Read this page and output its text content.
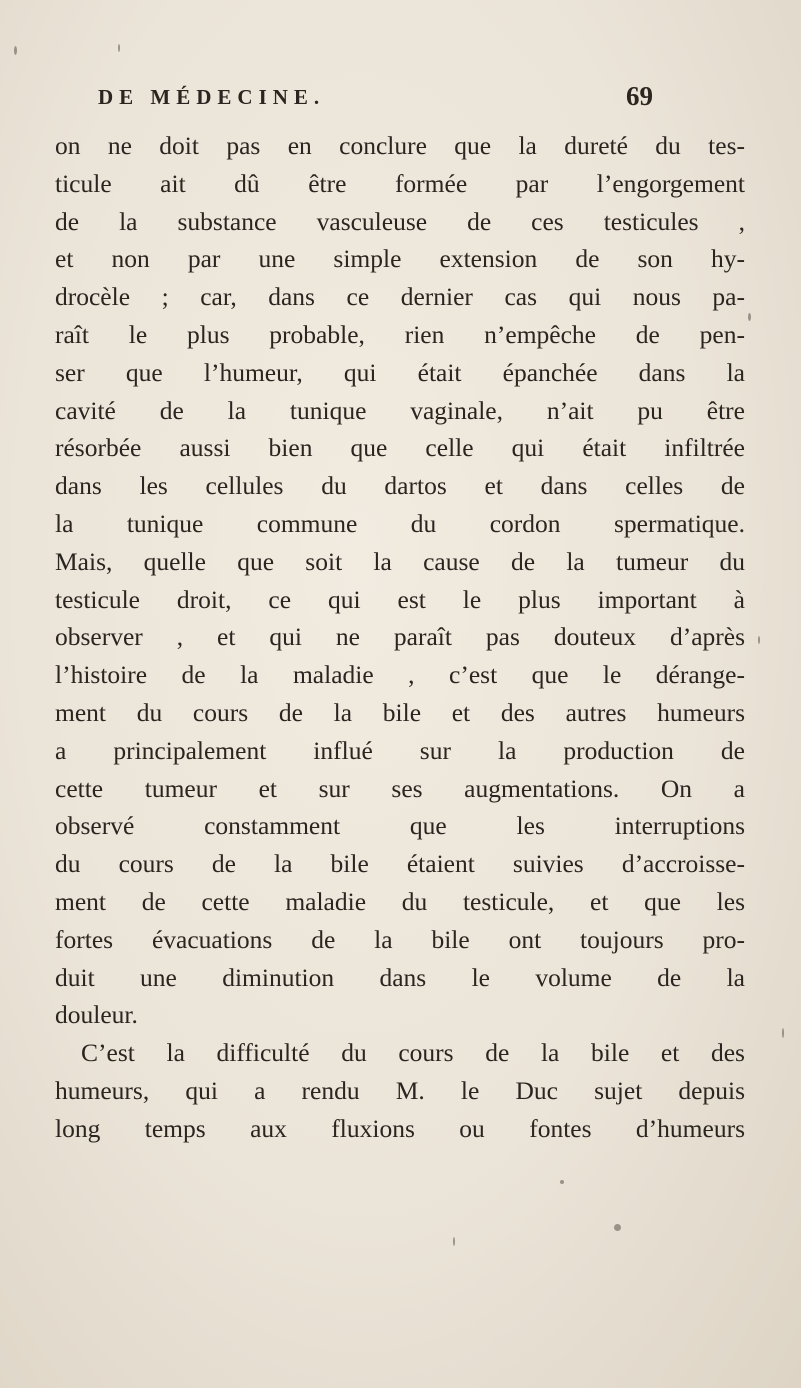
DE MÉDECINE.	69
on ne doit pas en conclure que la dureté du tes-
ticule ait dû être formée par l’engorgement
de la substance vasculeuse de ces testicules ,
et non par une simple extension de son hy-
drocèle ; car, dans ce dernier cas qui nous pa-
raît le plus probable, rien n’empêche de pen-
ser que l’humeur, qui était épanchée dans la
cavité de la tunique vaginale, n’ait pu être
résorbée aussi bien que celle qui était infiltrée
dans les cellules du dartos et dans celles de
la tunique commune du cordon spermatique.
Mais, quelle que soit la cause de la tumeur du
testicule droit, ce qui est le plus important à
observer , et qui ne paraît pas douteux d’après
l’histoire de la maladie , c’est que le dérange-
ment du cours de la bile et des autres humeurs
a principalement influé sur la production de
cette tumeur et sur ses augmentations. On a
observé constamment que les interruptions
du cours de la bile étaient suivies d’accroisse-
ment de cette maladie du testicule, et que les
fortes évacuations de la bile ont toujours pro-
duit une diminution dans le volume de la
douleur.
C’est la difficulté du cours de la bile et des
humeurs, qui a rendu M. le Duc sujet depuis
long temps aux fluxions ou fontes d’humeurs
